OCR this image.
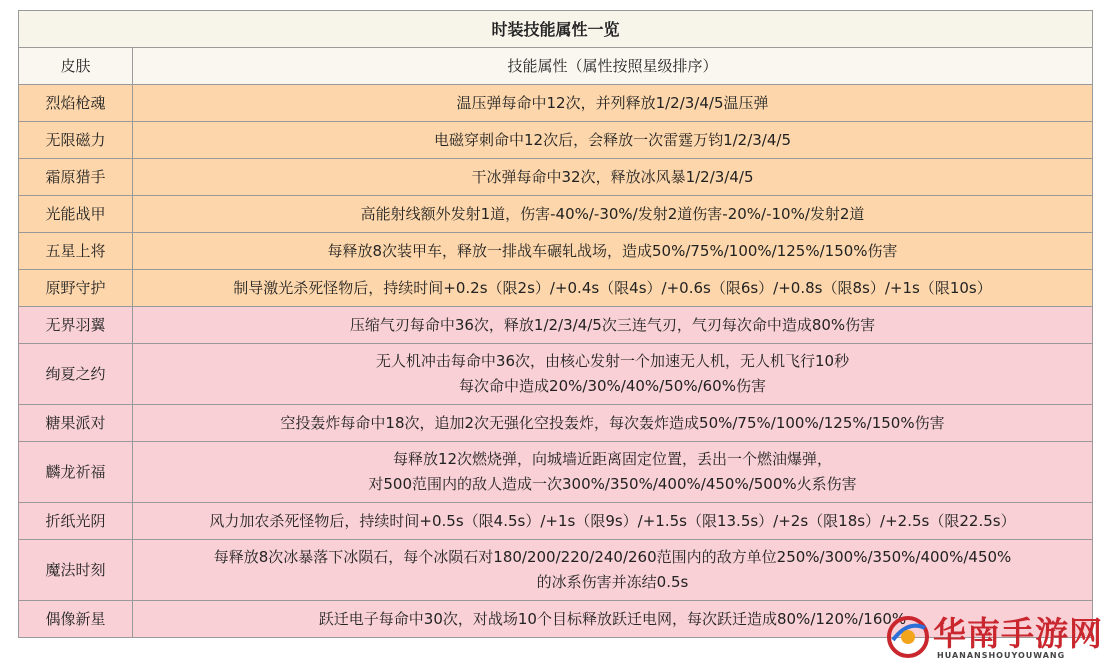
时装技能属性一览	
皮肤	技能属性（属性按照星级排序）
烈焰枪魂	温压弹每命中12次，并列释放1/2/3/4/5温压弹

无限磁力	电磁穿刺命中12次后，会释放一次雷霆万钧1/2/3/4/5

霜原猎手	干冰弹每命中32次，释放冰风暴1/2/3/4/5

光能战甲	高能射线额外发射1道，伤害-40%/-30%/发射2道伤害-20%/-10%/发射2道

五星上将	每释放8次装甲车，释放一排战车碾轧战场，造成50%/75%/100%/125%/150%伤害

原野守护	制导激光杀死怪物后，持续时间+0.2s（限2s）/+0.4s（限4s）/+0.6s（限6s）/+0.8s（限8s）/+1s（限10s）

无界羽翼	压缩气刃每命中36次，释放1/2/3/4/5次三连气刃，气刃每次命中造成80%伤害

绚夏之约	无人机冲击每命中36次，由核心发射一个加速无人机，无人机飞行10秒
每次命中造成20%/30%/40%/50%/60%伤害

糖果派对	空投轰炸每命中18次，追加2次无强化空投轰炸，每次轰炸造成50%/75%/100%/125%/150%伤害

麟龙祈福	每释放12次燃烧弹，向城墙近距离固定位置，丢出一个燃油爆弹，
对500范围内的敌人造成一次300%/350%/400%/450%/500%火系伤害

折纸光阴	风力加农杀死怪物后，持续时间+0.5s（限4.5s）/+1s（限9s）/+1.5s（限13.5s）/+2s（限18s）/+2.5s（限22.5s）

魔法时刻	每释放8次冰暴落下冰陨石，每个冰陨石对180/200/220/240/260范围内的敌方单位250%/300%/350%/400%/450%
的冰系伤害并冻结0.5s

偶像新星	跃迁电子每命中30次，对战场10个目标释放跃迁电网，每次跃迁造成80%/120%/160% 华南手游网
HUANANSHOUYOUWANG
